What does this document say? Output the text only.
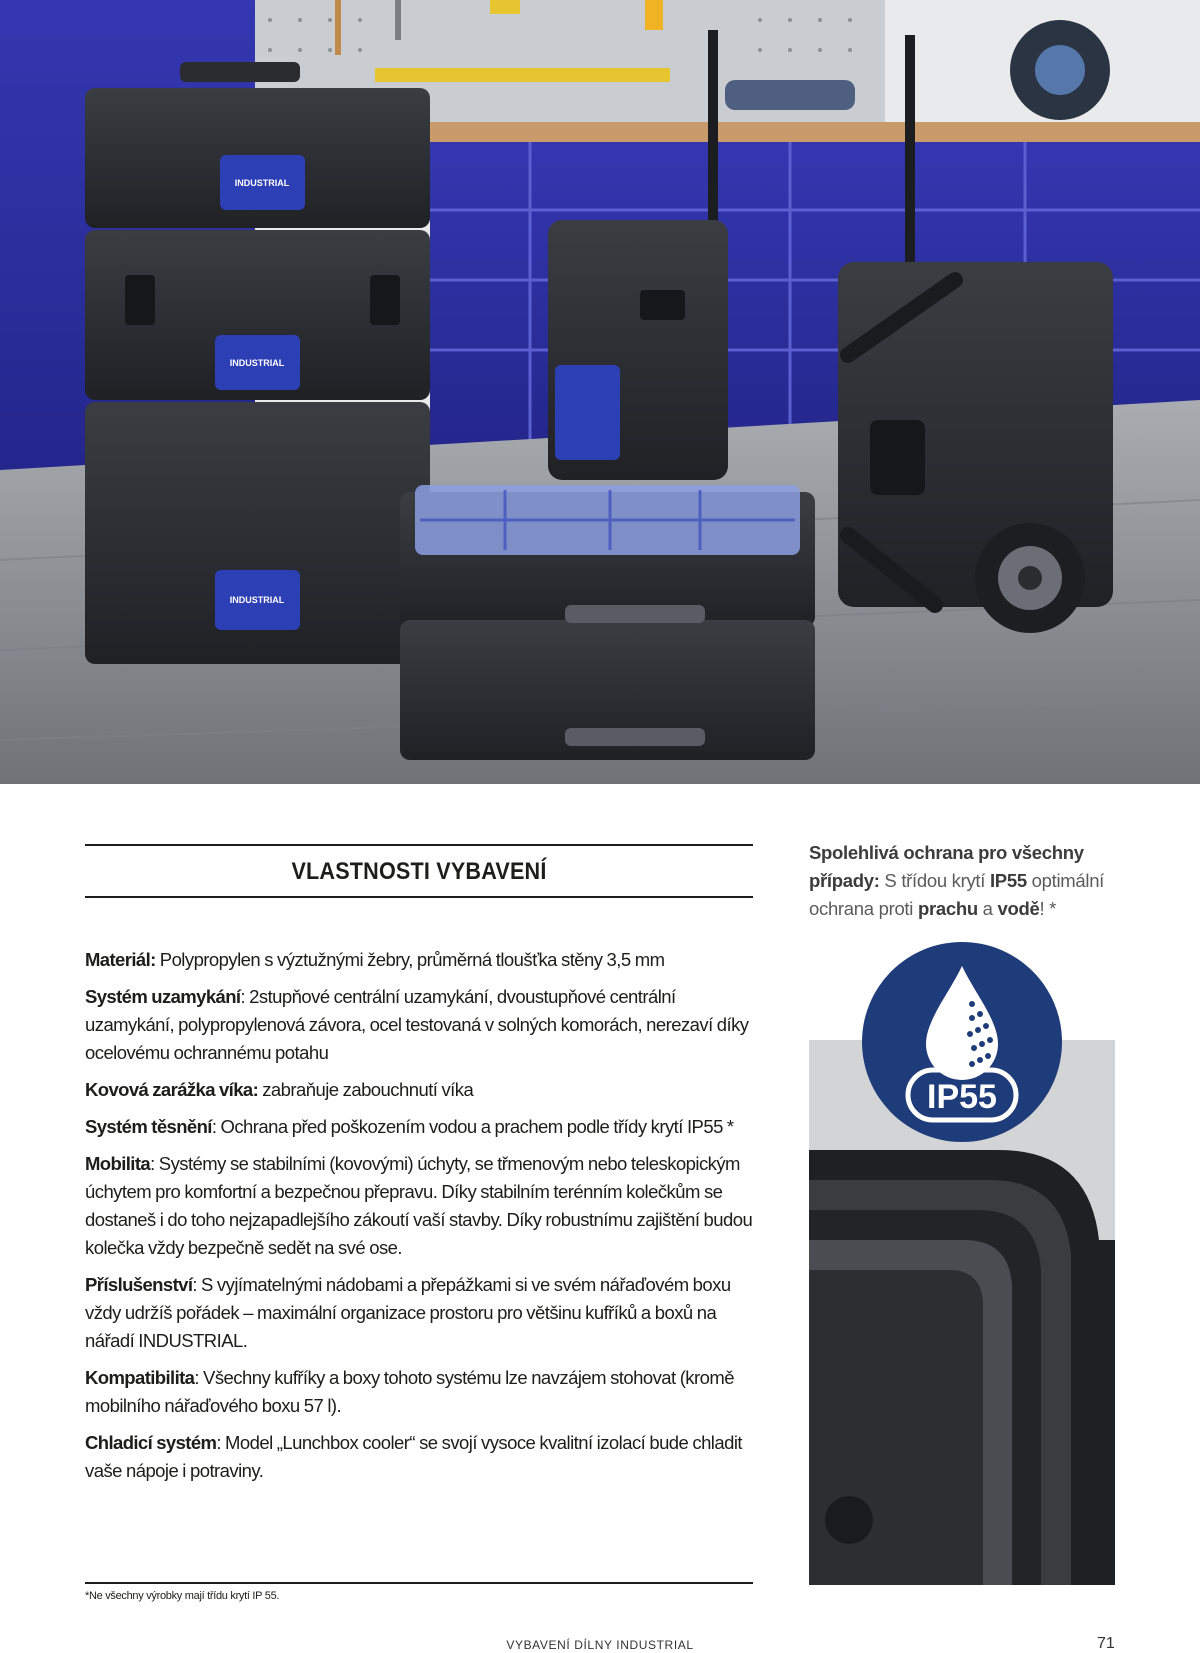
INDUSTRIAL
INDUSTRIAL
INDUSTRIAL
VLASTNOSTI VYBAVENÍ

Materiál: Polypropylen s výztužnými žebry, průměrná tloušťka stěny 3,5 mm

Systém uzamykání: 2stupňové centrální uzamykání, dvoustupňové centrální uzamykání, polypropylenová závora, ocel testovaná v solných komorách, nerezaví díky ocelovému ochrannému potahu

Kovová zarážka víka: zabraňuje zabouchnutí víka

Systém těsnění: Ochrana před poškozením vodou a prachem podle třídy krytí IP55 *

Mobilita: Systémy se stabilními (kovovými) úchyty, se třmenovým nebo teleskopickým úchytem pro komfortní a bezpečnou přepravu. Díky stabilním terénním kolečkům se dostaneš i do toho nejzapadlejšího zákoutí vaší stavby. Díky robustnímu zajištění budou kolečka vždy bezpečně sedět na své ose.

Příslušenství: S vyjímatelnými nádobami a přepážkami si ve svém nářaďovém boxu vždy udržíš pořádek – maximální organizace prostoru pro většinu kufříků a boxů na nářadí INDUSTRIAL.

Kompatibilita: Všechny kufříky a boxy tohoto systému lze navzájem stohovat (kromě mobilního nářaďového boxu 57 l).

Chladicí systém: Model „Lunchbox cooler“ se svojí vysoce kvalitní izolací bude chladit vaše nápoje i potraviny.

Spolehlivá ochrana pro všechny případy: S třídou krytí IP55 optimální ochrana proti prachu a vodě! *

IP55

*Ne všechny výrobky mají třídu krytí IP 55.

VYBAVENÍ DÍLNY INDUSTRIAL	71
